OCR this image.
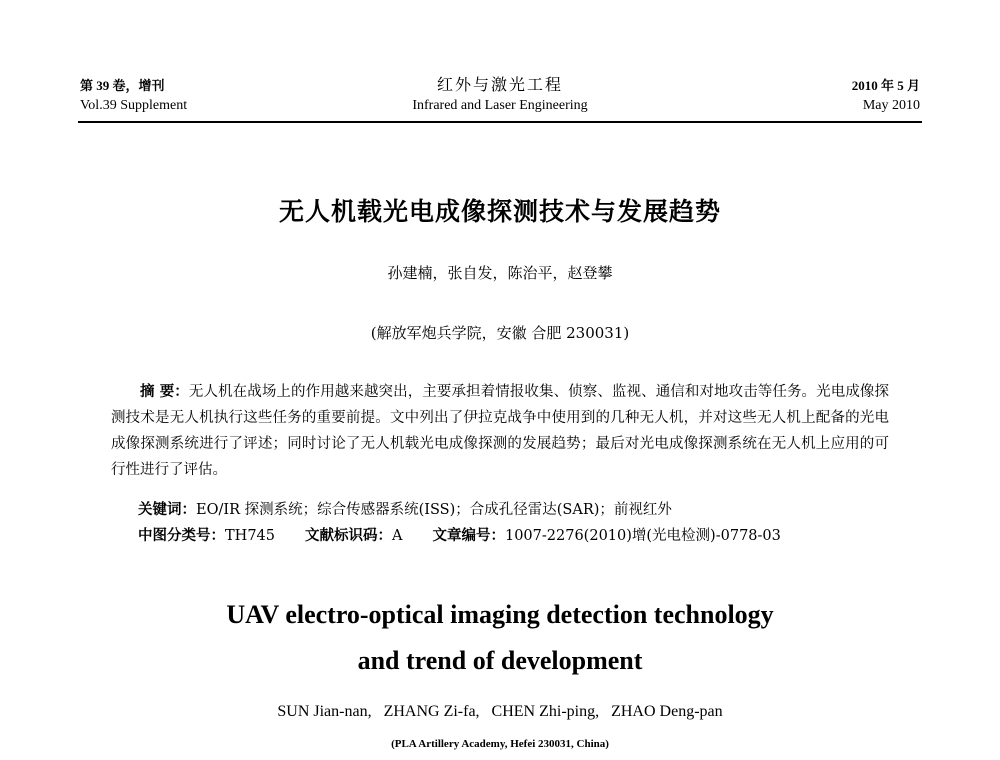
第 39 卷，增刊
Vol.39 Supplement
红外与激光工程
Infrared and Laser Engineering
2010 年 5 月
May 2010
无人机载光电成像探测技术与发展趋势
孙建楠，张自发，陈治平，赵登攀
(解放军炮兵学院，安徽 合肥 230031)

摘 要：无人机在战场上的作用越来越突出，主要承担着情报收集、侦察、监视、通信和对地攻击等任务。光电成像探测技术是无人机执行这些任务的重要前提。文中列出了伊拉克战争中使用到的几种无人机，并对这些无人机上配备的光电成像探测系统进行了评述；同时讨论了无人机载光电成像探测的发展趋势；最后对光电成像探测系统在无人机上应用的可行性进行了评估。

关键词：EO/IR 探测系统；综合传感器系统(ISS)；合成孔径雷达(SAR)；前视红外
中图分类号：TH745 文献标识码：A 文章编号：1007-2276(2010)增(光电检测)-0778-03
UAV electro-optical imaging detection technology
and trend of development
SUN Jian-nan,   ZHANG Zi-fa,   CHEN Zhi-ping,   ZHAO Deng-pan
(PLA Artillery Academy, Hefei 230031, China)
